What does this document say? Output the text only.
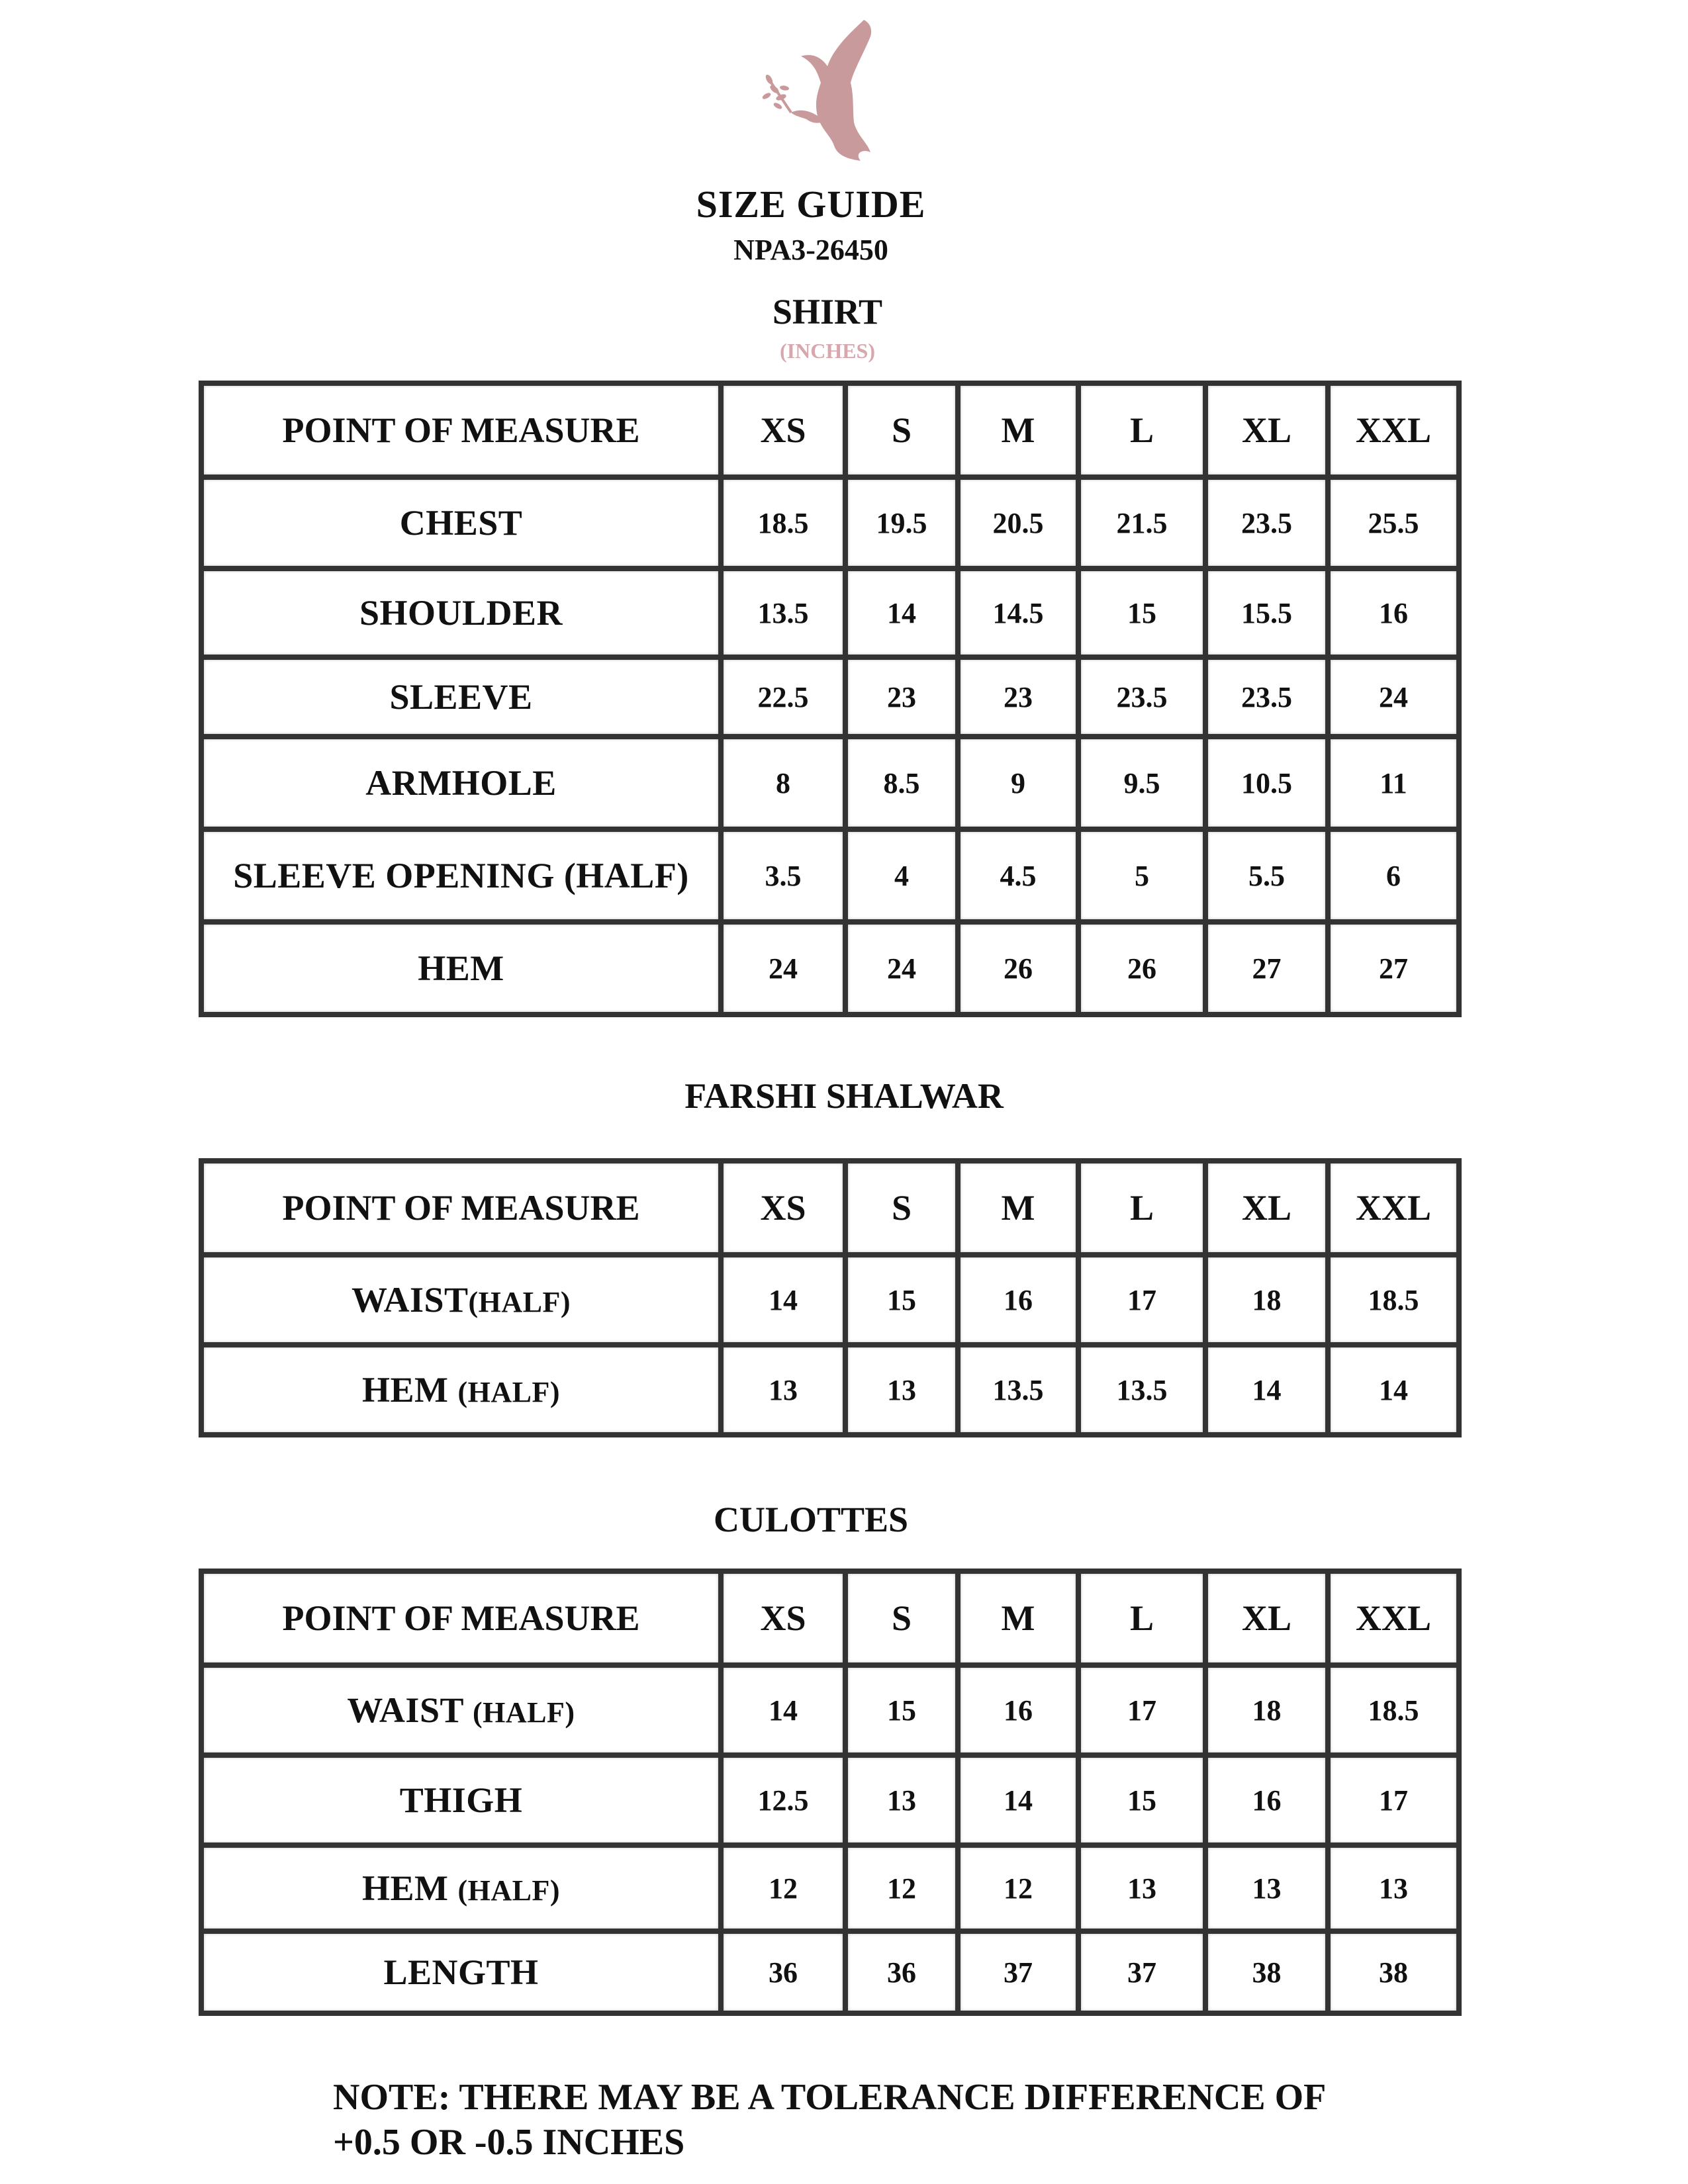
SIZE GUIDE
NPA3-26450
SHIRT
(INCHES)
POINT OF MEASURE	XS	S	M	L	XL	XXL
CHEST	18.5	19.5	20.5	21.5	23.5	25.5
SHOULDER	13.5	14	14.5	15	15.5	16
SLEEVE	22.5	23	23	23.5	23.5	24
ARMHOLE	8	8.5	9	9.5	10.5	11
SLEEVE OPENING (HALF)	3.5	4	4.5	5	5.5	6
HEM	24	24	26	26	27	27
FARSHI SHALWAR
POINT OF MEASURE	XS	S	M	L	XL	XXL
WAIST(HALF)	14	15	16	17	18	18.5
HEM (HALF)	13	13	13.5	13.5	14	14
CULOTTES
POINT OF MEASURE	XS	S	M	L	XL	XXL
WAIST (HALF)	14	15	16	17	18	18.5
THIGH	12.5	13	14	15	16	17
HEM (HALF)	12	12	12	13	13	13
LENGTH	36	36	37	37	38	38
NOTE: THERE MAY BE A TOLERANCE DIFFERENCE OF
+0.5 OR -0.5 INCHES
